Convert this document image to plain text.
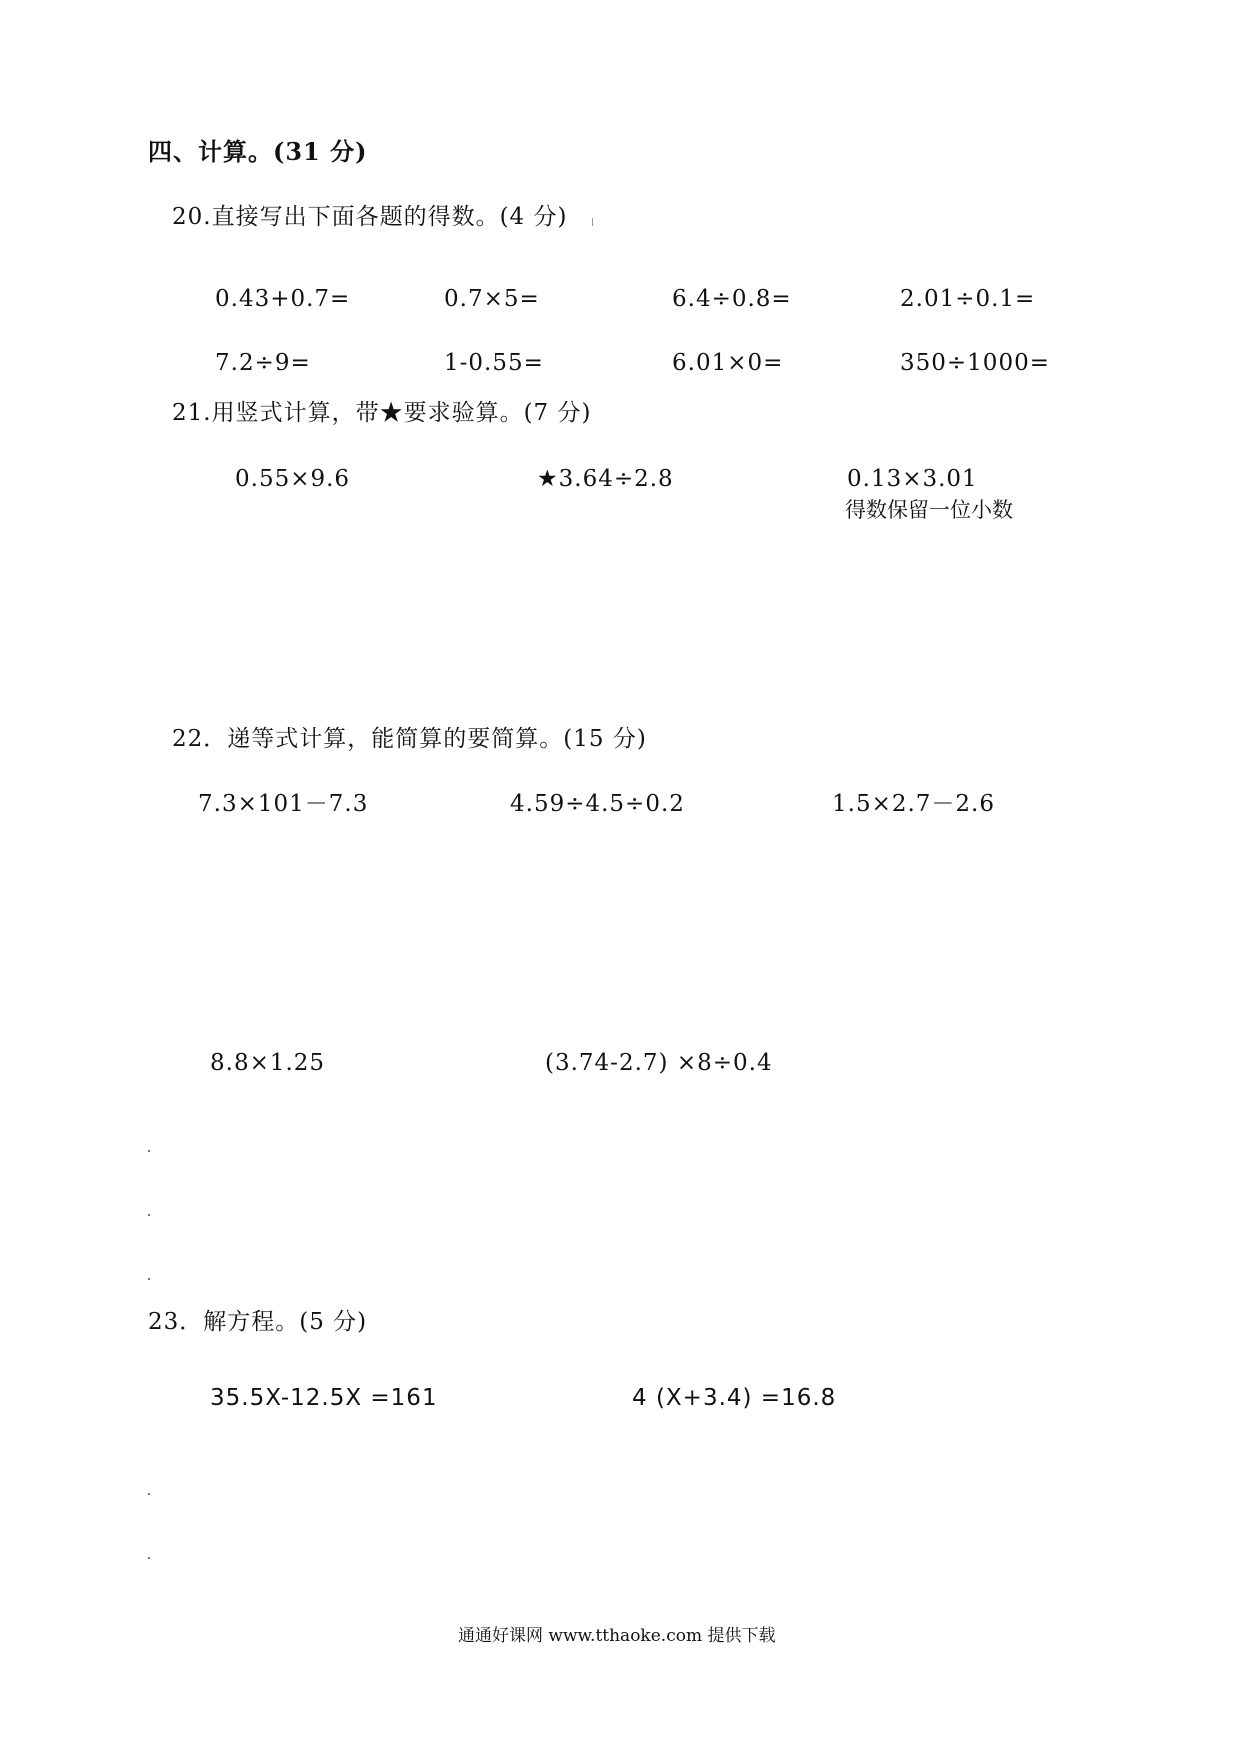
四、计算。(31 分)
20.直接写出下面各题的得数。(4 分)
0.43+0.7=	0.7×5=	6.4÷0.8=	2.01÷0.1=
7.2÷9=	1-0.55=	6.01×0=	350÷1000=
21.用竖式计算，带★要求验算。(7 分)
0.55×9.6	★3.64÷2.8	0.13×3.01
得数保留一位小数
22．递等式计算，能简算的要简算。(15 分)
7.3×101－7.3	4.59÷4.5÷0.2	1.5×2.7－2.6
8.8×1.25	(3.74-2.7) ×8÷0.4
23．解方程。(5 分)
35.5X-12.5X =161	4 (X+3.4) =16.8
通通好课网 www.tthaoke.com 提供下载
